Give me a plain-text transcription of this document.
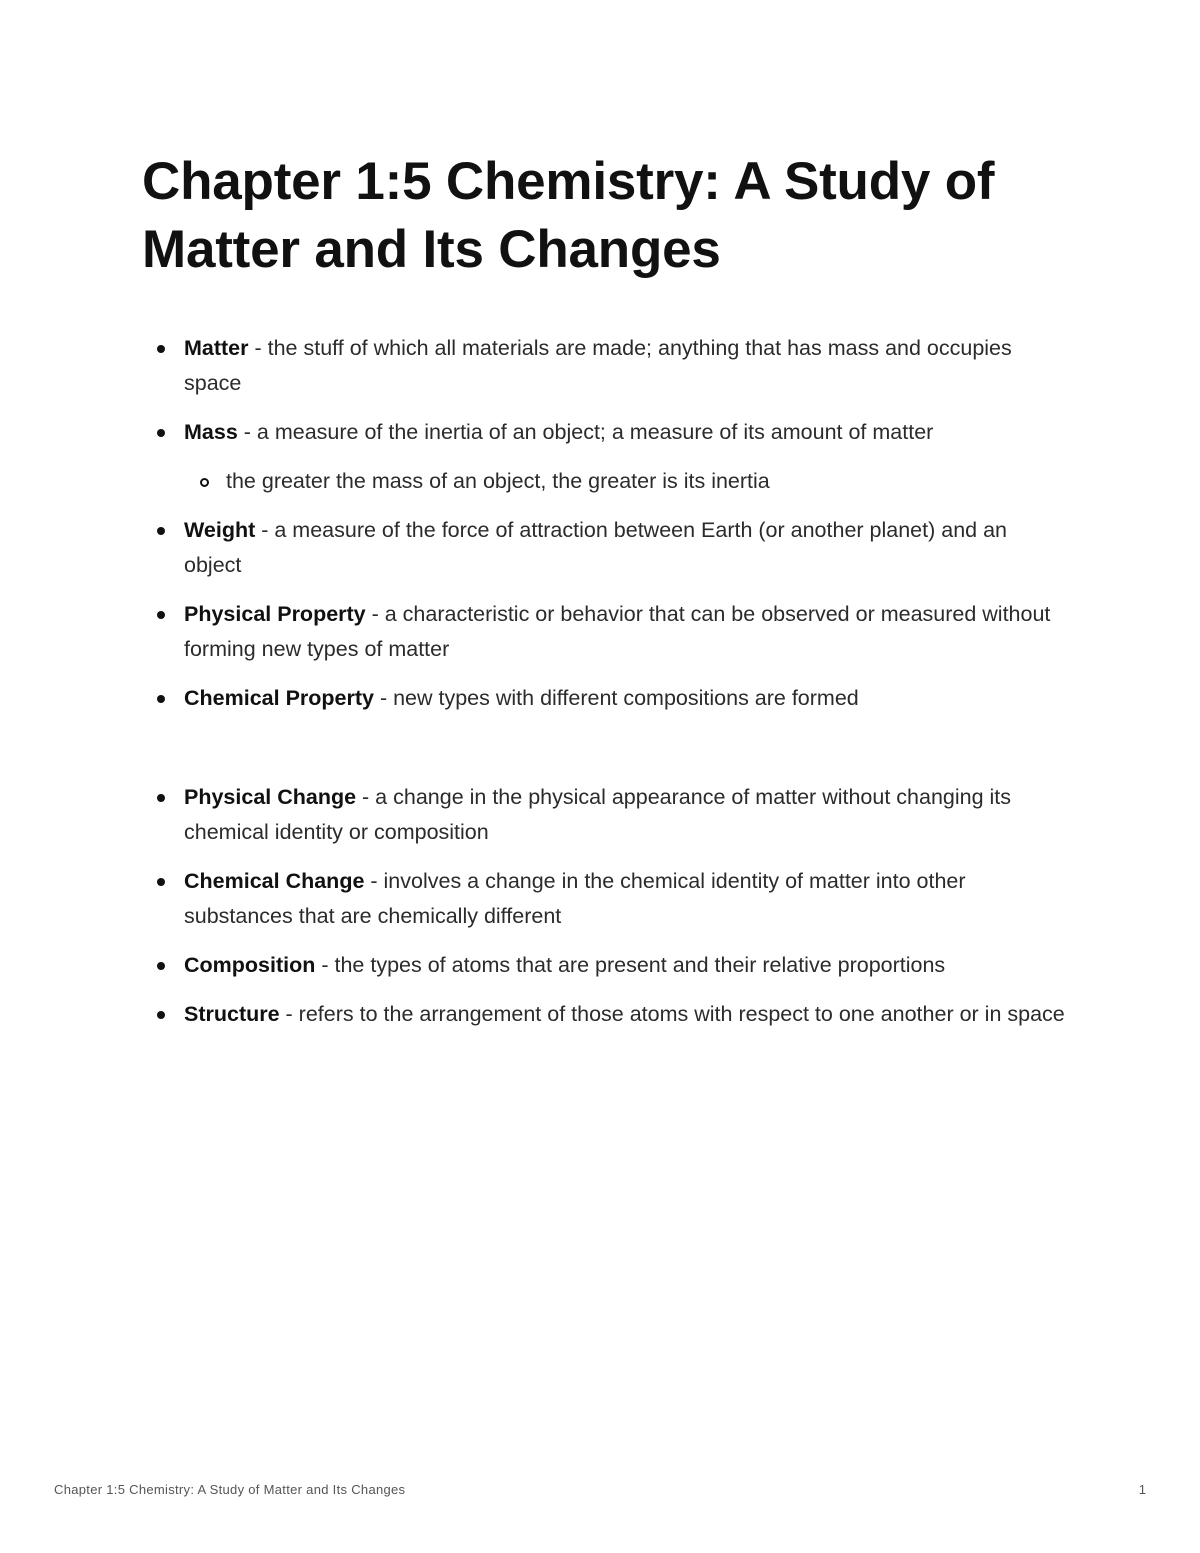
Chapter 1:5 Chemistry: A Study of Matter and Its Changes
Matter - the stuff of which all materials are made; anything that has mass and occupies space
Mass - a measure of the inertia of an object; a measure of its amount of matter
the greater the mass of an object, the greater is its inertia
Weight - a measure of the force of attraction between Earth (or another planet) and an object
Physical Property - a characteristic or behavior that can be observed or measured without forming new types of matter
Chemical Property - new types with different compositions are formed
Physical Change - a change in the physical appearance of matter without changing its chemical identity or composition
Chemical Change - involves a change in the chemical identity of matter into other substances that are chemically different
Composition - the types of atoms that are present and their relative proportions
Structure - refers to the arrangement of those atoms with respect to one another or in space
Chapter 1:5 Chemistry: A Study of Matter and Its Changes	1
